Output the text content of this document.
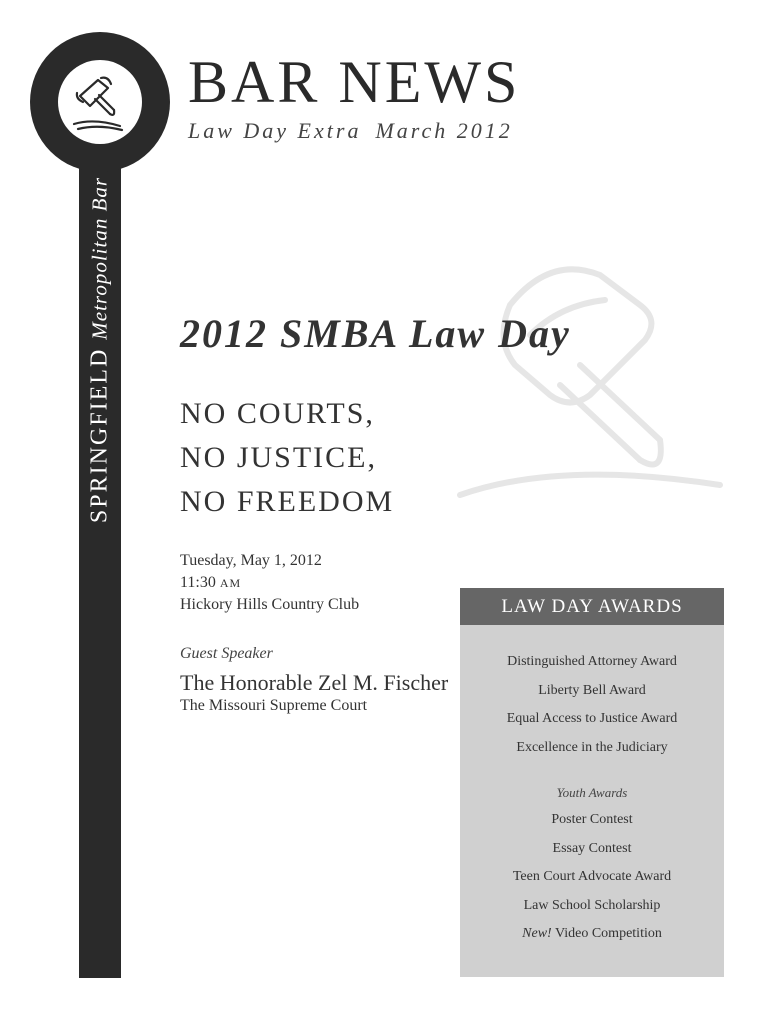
SPRINGFIELDMetropolitan Bar
BAR NEWS
Law Day Extra March 2012
2012 SMBA Law Day
NO COURTS,
NO JUSTICE,
NO FREEDOM
Tuesday, May 1, 2012
11:30 AM
Hickory Hills Country Club
Guest Speaker
The Honorable Zel M. Fischer
The Missouri Supreme Court
LAW DAY AWARDS
Distinguished Attorney Award
Liberty Bell Award
Equal Access to Justice Award
Excellence in the Judiciary
Youth Awards
Poster Contest
Essay Contest
Teen Court Advocate Award
Law School Scholarship
New! Video Competition
